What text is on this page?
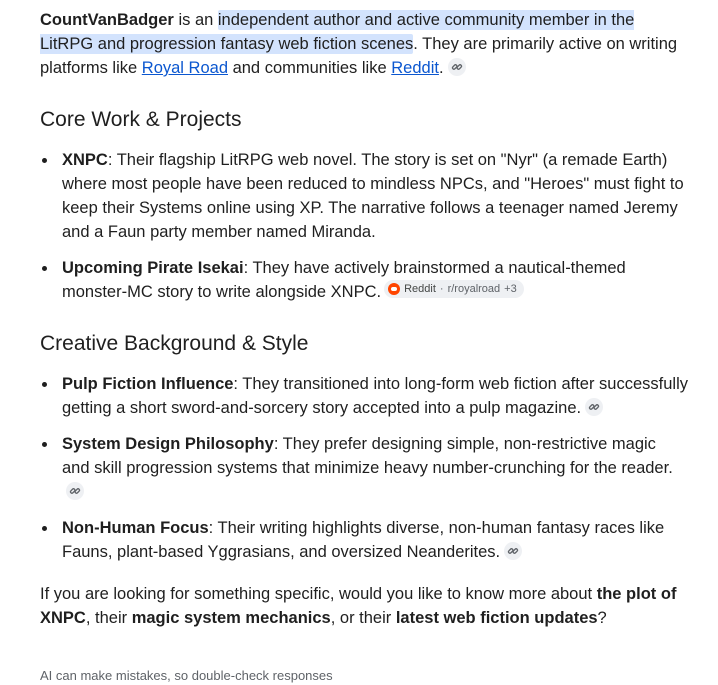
CountVanBadger is an independent author and active community member in the LitRPG and progression fantasy web fiction scenes. They are primarily active on writing platforms like Royal Road and communities like Reddit.

Core Work & Projects
XNPC: Their flagship LitRPG web novel. The story is set on "Nyr" (a remade Earth) where most people have been reduced to mindless NPCs, and "Heroes" must fight to keep their Systems online using XP. The narrative follows a teenager named Jeremy and a Faun party member named Miranda.
Upcoming Pirate Isekai: They have actively brainstormed a nautical-themed monster-MC story to write alongside XNPC. Reddit · r/royalroad +3
Creative Background & Style
Pulp Fiction Influence: They transitioned into long-form web fiction after successfully getting a short sword-and-sorcery story accepted into a pulp magazine.
System Design Philosophy: They prefer designing simple, non-restrictive magic and skill progression systems that minimize heavy number-crunching for the reader.
Non-Human Focus: Their writing highlights diverse, non-human fantasy races like Fauns, plant-based Yggrasians, and oversized Neanderites.

If you are looking for something specific, would you like to know more about the plot of XNPC, their magic system mechanics, or their latest web fiction updates?

AI can make mistakes, so double-check responses
